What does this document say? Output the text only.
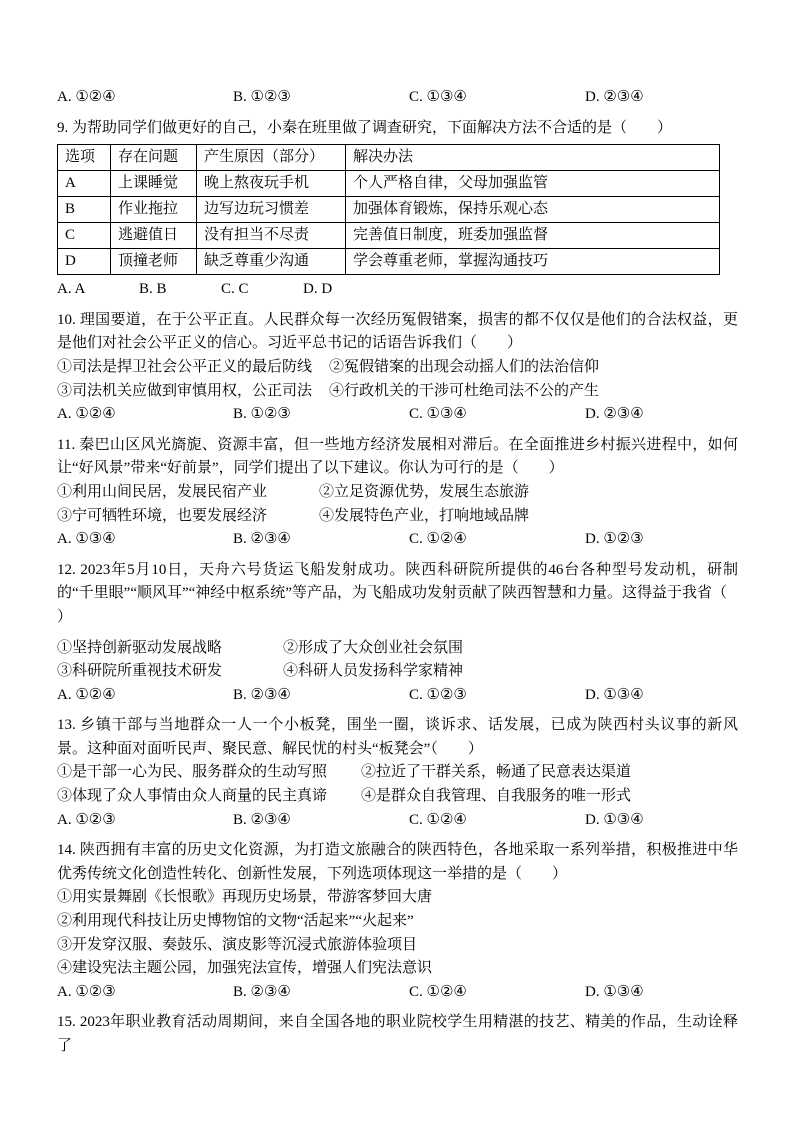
A. ①②④	B. ①②③	C. ①③④	D. ②③④

9. 为帮助同学们做更好的自己，小秦在班里做了调查研究，下面解决方法不合适的是（　　）

选项	存在问题	产生原因（部分）	解决办法
A	上课睡觉	晚上熬夜玩手机	个人严格自律，父母加强监管
B	作业拖拉	边写边玩习惯差	加强体育锻炼，保持乐观心态
C	逃避值日	没有担当不尽责	完善值日制度，班委加强监督
D	顶撞老师	缺乏尊重少沟通	学会尊重老师，掌握沟通技巧
A. A	B. B	C. C	D. D

10. 理国要道，在于公平正直。人民群众每一次经历冤假错案，损害的都不仅仅是他们的合法权益，更是他们对社会公平正义的信心。习近平总书记的话语告诉我们（　　）

①司法是捍卫社会公平正义的最后防线	②冤假错案的出现会动摇人们的法治信仰
③司法机关应做到审慎用权，公正司法	④行政机关的干涉可杜绝司法不公的产生
A. ①②④	B. ①②③	C. ①③④	D. ②③④

11. 秦巴山区风光旖旎、资源丰富，但一些地方经济发展相对滞后。在全面推进乡村振兴进程中，如何让“好风景”带来“好前景”，同学们提出了以下建议。你认为可行的是（　　）

①利用山间民居，发展民宿产业	②立足资源优势，发展生态旅游
③宁可牺牲环境，也要发展经济	④发展特色产业，打响地域品牌
A. ①③④	B. ②③④	C. ①②④	D. ①②③

12. 2023年5月10日，天舟六号货运飞船发射成功。陕西科研院所提供的46台各种型号发动机，研制的“千里眼”“顺风耳”“神经中枢系统”等产品，为飞船成功发射贡献了陕西智慧和力量。这得益于我省（

）

①坚持创新驱动发展战略	②形成了大众创业社会氛围
③科研院所重视技术研发	④科研人员发扬科学家精神
A. ①②④	B. ②③④	C. ①②③	D. ①③④

13. 乡镇干部与当地群众一人一个小板凳，围坐一圈，谈诉求、话发展，已成为陕西村头议事的新风景。这种面对面听民声、聚民意、解民忧的村头“板凳会”（　　）

①是干部一心为民、服务群众的生动写照	②拉近了干群关系，畅通了民意表达渠道
③体现了众人事情由众人商量的民主真谛	④是群众自我管理、自我服务的唯一形式
A. ①②③	B. ②③④	C. ①②④	D. ①③④

14. 陕西拥有丰富的历史文化资源，为打造文旅融合的陕西特色，各地采取一系列举措，积极推进中华优秀传统文化创造性转化、创新性发展，下列选项体现这一举措的是（　　）

①用实景舞剧《长恨歌》再现历史场景，带游客梦回大唐

②利用现代科技让历史博物馆的文物“活起来”“火起来”

③开发穿汉服、奏鼓乐、演皮影等沉浸式旅游体验项目

④建设宪法主题公园，加强宪法宣传，增强人们宪法意识

A. ①②③	B. ②③④	C. ①②④	D. ①③④

15. 2023年职业教育活动周期间，来自全国各地的职业院校学生用精湛的技艺、精美的作品，生动诠释了
